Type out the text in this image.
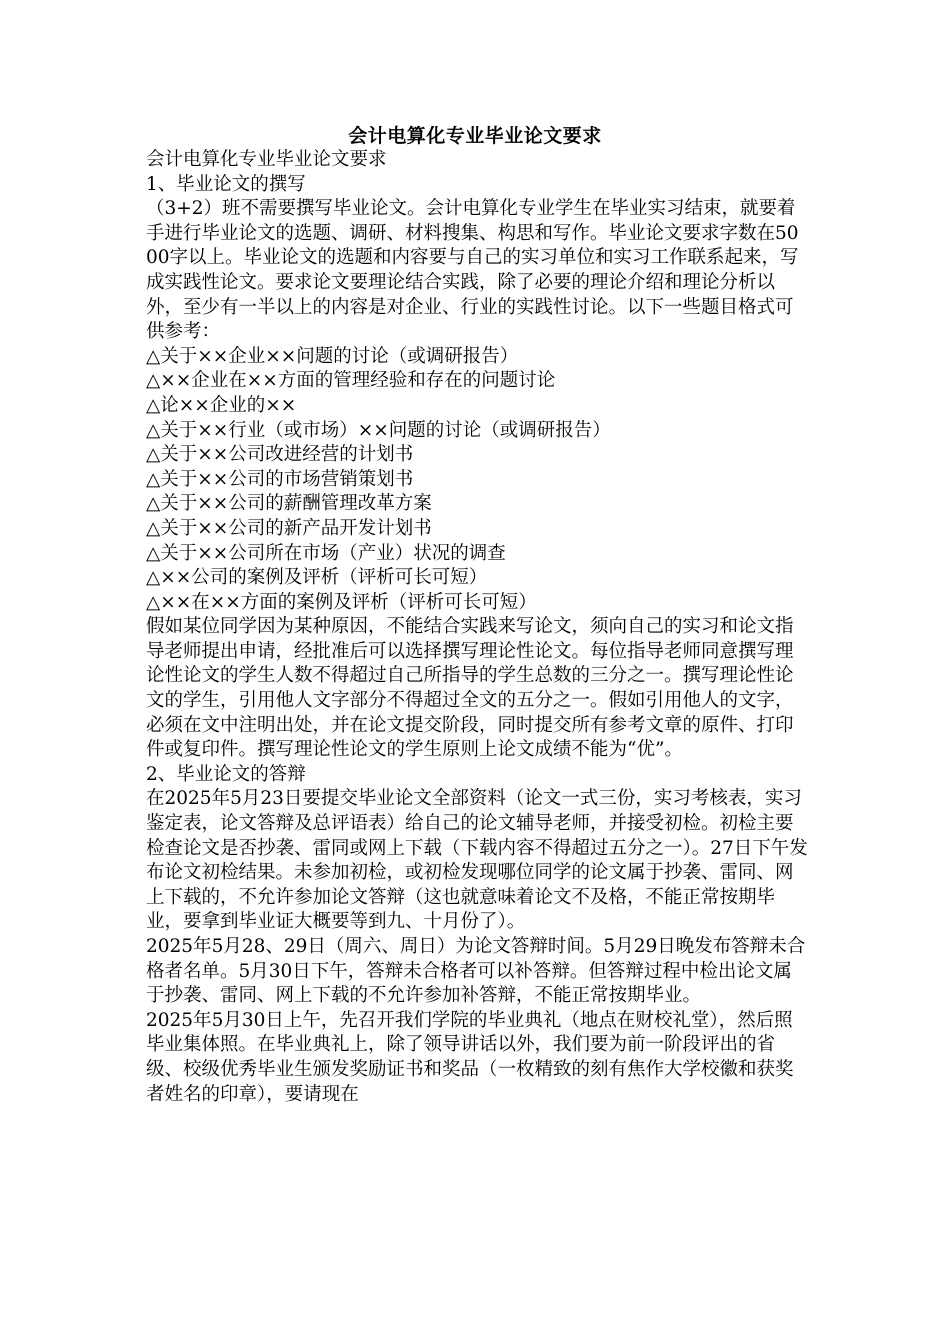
会计电算化专业毕业论文要求

会计电算化专业毕业论文要求

1、毕业论文的撰写

（3+2）班不需要撰写毕业论文。会计电算化专业学生在毕业实习结束，就要着手进行毕业论文的选题、调研、材料搜集、构思和写作。毕业论文要求字数在5000字以上。毕业论文的选题和内容要与自己的实习单位和实习工作联系起来，写成实践性论文。要求论文要理论结合实践，除了必要的理论介绍和理论分析以外，至少有一半以上的内容是对企业、行业的实践性讨论。以下一些题目格式可供参考：

△关于××企业××问题的讨论（或调研报告）

△××企业在××方面的管理经验和存在的问题讨论

△论××企业的××

△关于××行业（或市场）××问题的讨论（或调研报告）

△关于××公司改进经营的计划书

△关于××公司的市场营销策划书

△关于××公司的薪酬管理改革方案

△关于××公司的新产品开发计划书

△关于××公司所在市场（产业）状况的调查

△××公司的案例及评析（评析可长可短）

△××在××方面的案例及评析（评析可长可短）

假如某位同学因为某种原因，不能结合实践来写论文，须向自己的实习和论文指导老师提出申请，经批准后可以选择撰写理论性论文。每位指导老师同意撰写理论性论文的学生人数不得超过自己所指导的学生总数的三分之一。撰写理论性论文的学生，引用他人文字部分不得超过全文的五分之一。假如引用他人的文字，必须在文中注明出处，并在论文提交阶段，同时提交所有参考文章的原件、打印件或复印件。撰写理论性论文的学生原则上论文成绩不能为“优”。

2、毕业论文的答辩

在2025年5月23日要提交毕业论文全部资料（论文一式三份，实习考核表，实习鉴定表，论文答辩及总评语表）给自己的论文辅导老师，并接受初检。初检主要检查论文是否抄袭、雷同或网上下载（下载内容不得超过五分之一）。27日下午发布论文初检结果。未参加初检，或初检发现哪位同学的论文属于抄袭、雷同、网上下载的，不允许参加论文答辩（这也就意味着论文不及格，不能正常按期毕业，要拿到毕业证大概要等到九、十月份了）。

2025年5月28、29日（周六、周日）为论文答辩时间。5月29日晚发布答辩未合格者名单。5月30日下午，答辩未合格者可以补答辩。但答辩过程中检出论文属于抄袭、雷同、网上下载的不允许参加补答辩，不能正常按期毕业。

2025年5月30日上午，先召开我们学院的毕业典礼（地点在财校礼堂），然后照毕业集体照。在毕业典礼上，除了领导讲话以外，我们要为前一阶段评出的省级、校级优秀毕业生颁发奖励证书和奖品（一枚精致的刻有焦作大学校徽和获奖者姓名的印章），要请现在
